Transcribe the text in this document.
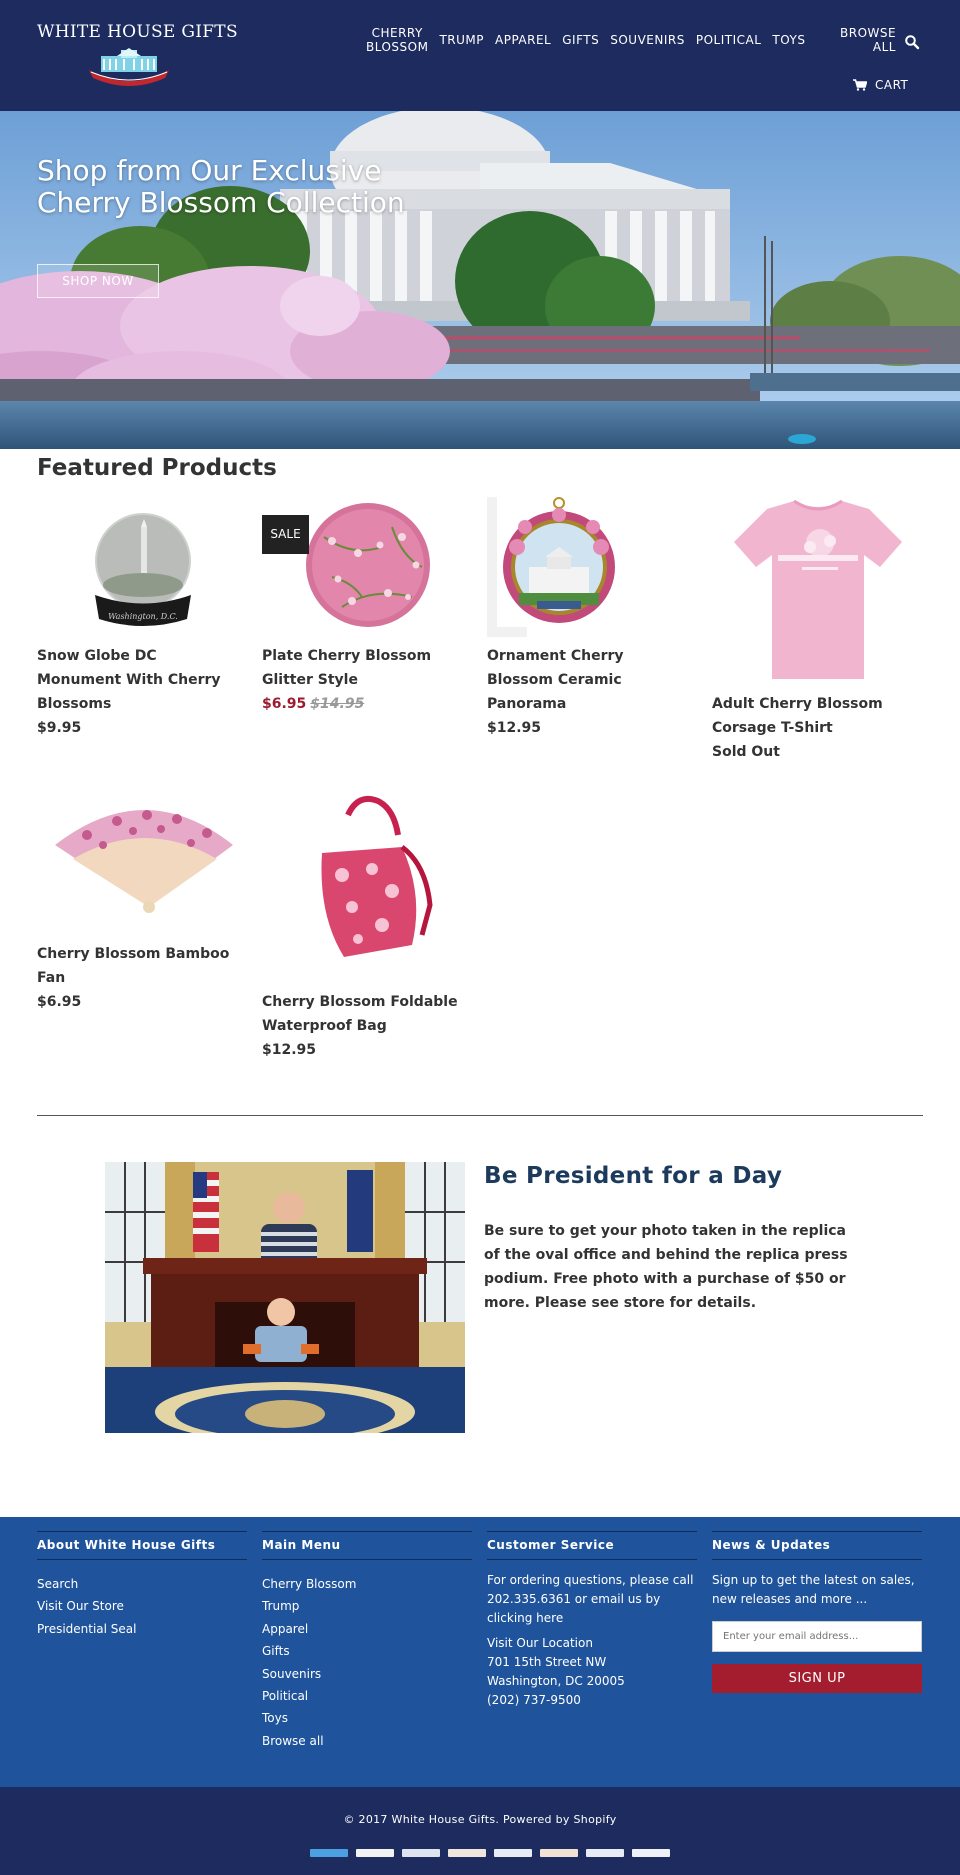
WHITE HOUSE GIFTS	CHERRY
BLOSSOM TRUMP APPAREL GIFTS SOUVENIRS POLITICAL TOYS	BROWSE
ALL
CART
Shop from Our Exclusive Cherry Blossom Collection
SHOP NOW
Featured Products
Washington, D.C.
Snow Globe DC Monument With Cherry Blossoms
$9.95
SALE
Plate Cherry Blossom Glitter Style
$6.95 $14.95
Ornament Cherry Blossom Ceramic Panorama
$12.95
Adult Cherry Blossom Corsage T-Shirt
Sold Out
Cherry Blossom Bamboo Fan
$6.95	Cherry Blossom Foldable Waterproof Bag
$12.95
Be President for a Day
Be sure to get your photo taken in the replica of the oval office and behind the replica press podium. Free photo with a purchase of $50 or more. Please see store for details.
About White House Gifts
Search
Visit Our Store
Presidential Seal
Main Menu
Cherry Blossom
Trump
Apparel
Gifts
Souvenirs
Political
Toys
Browse all
Customer Service
For ordering questions, please call 202.335.6361 or email us by clicking here
Visit Our Location
701 15th Street NW
Washington, DC 20005
(202) 737-9500
News & Updates
Sign up to get the latest on sales, new releases and more ...
Enter your email address...
SIGN UP
© 2017 White House Gifts. Powered by Shopify
